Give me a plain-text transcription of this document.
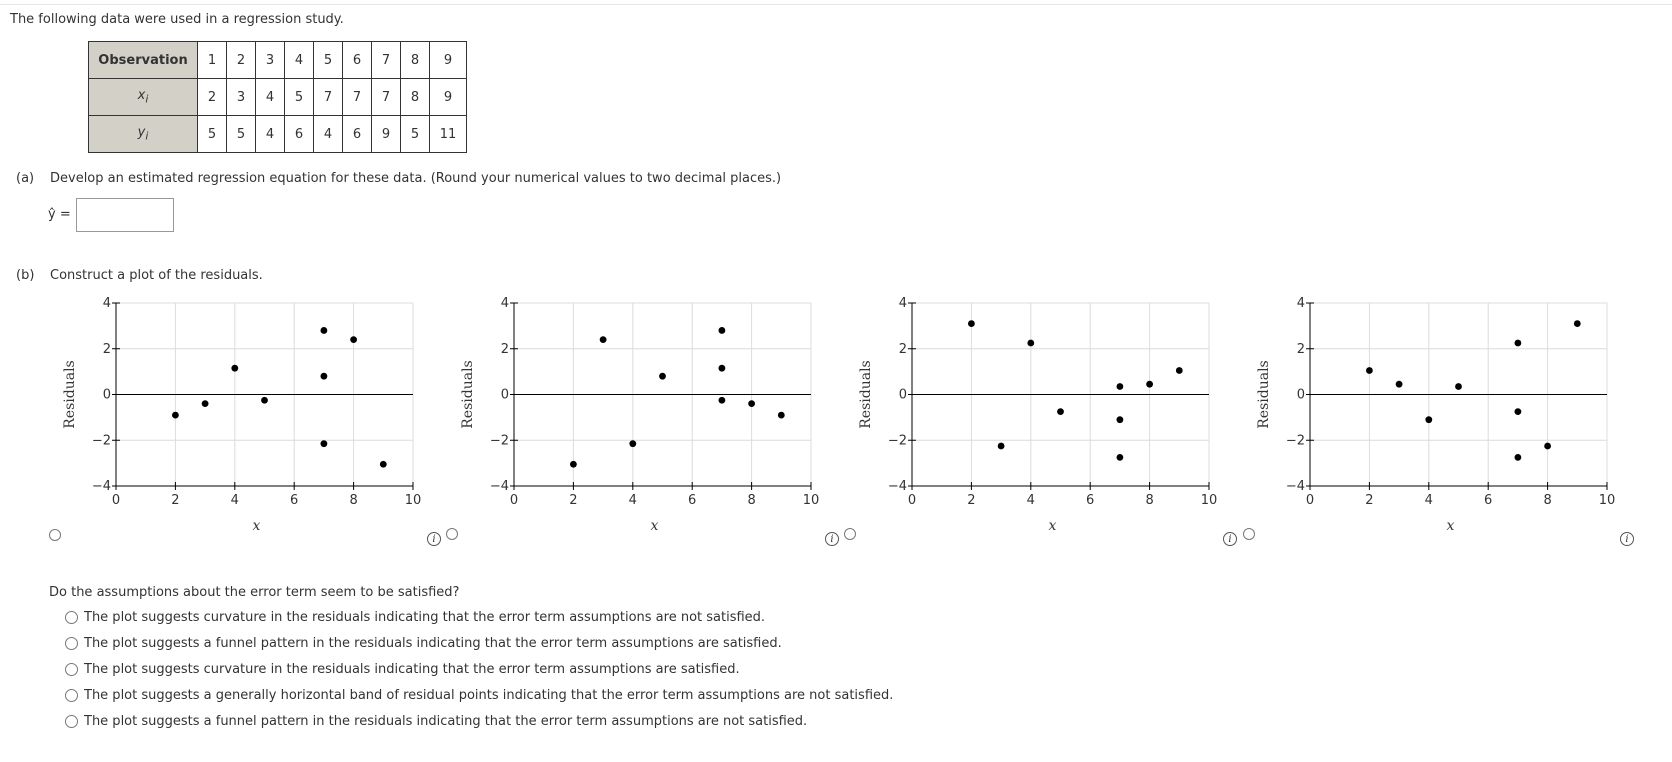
The following data were used in a regression study.
Observation	1	2	3	4	5	6	7	8	9
$x_i$	2	3	4	5	7	7	7	8	9
$y_i$	5	5	4	6	4	6	9	5	11
(a) Develop an estimated regression equation for these data. (Round your numerical values to two decimal places.)
ŷ =
(b) Construct a plot of the residuals.
0	2	4	6	8	10
4
2
0
−2
−4
Residuals
x
0	2	4	6	8	10
4
2
0
−2
−4
Residuals
x
0	2	4	6	8	10
4
2
0
−2
−4
Residuals
x
0	2	4	6	8	10
4
2
0
−2
−4
Residuals
x
i	i	i	i
Do the assumptions about the error term seem to be satisfied?
The plot suggests curvature in the residuals indicating that the error term assumptions are not satisfied.
The plot suggests a funnel pattern in the residuals indicating that the error term assumptions are satisfied.
The plot suggests curvature in the residuals indicating that the error term assumptions are satisfied.
The plot suggests a generally horizontal band of residual points indicating that the error term assumptions are not satisfied.
The plot suggests a funnel pattern in the residuals indicating that the error term assumptions are not satisfied.
